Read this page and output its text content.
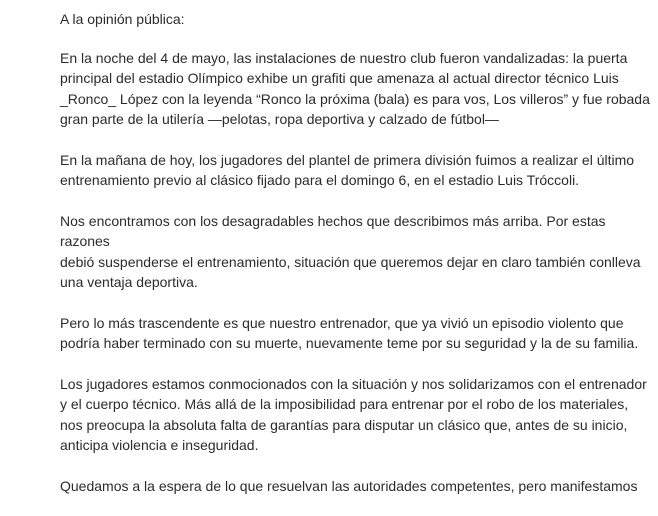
A la opinión pública:

En la noche del 4 de mayo, las instalaciones de nuestro club fueron vandalizadas: la puerta
principal del estadio Olímpico exhibe un grafiti que amenaza al actual director técnico Luis
_Ronco_ López con la leyenda “Ronco la próxima (bala) es para vos, Los villeros” y fue robada
gran parte de la utilería —pelotas, ropa deportiva y calzado de fútbol—

En la mañana de hoy, los jugadores del plantel de primera división fuimos a realizar el último
entrenamiento previo al clásico fijado para el domingo 6, en el estadio Luis Tróccoli.

Nos encontramos con los desagradables hechos que describimos más arriba. Por estas razones
debió suspenderse el entrenamiento, situación que queremos dejar en claro también conlleva
una ventaja deportiva.

Pero lo más trascendente es que nuestro entrenador, que ya vivió un episodio violento que
podría haber terminado con su muerte, nuevamente teme por su seguridad y la de su familia.

Los jugadores estamos conmocionados con la situación y nos solidarizamos con el entrenador
y el cuerpo técnico. Más allá de la imposibilidad para entrenar por el robo de los materiales,
nos preocupa la absoluta falta de garantías para disputar un clásico que, antes de su inicio,
anticipa violencia e inseguridad.

Quedamos a la espera de lo que resuelvan las autoridades competentes, pero manifestamos
